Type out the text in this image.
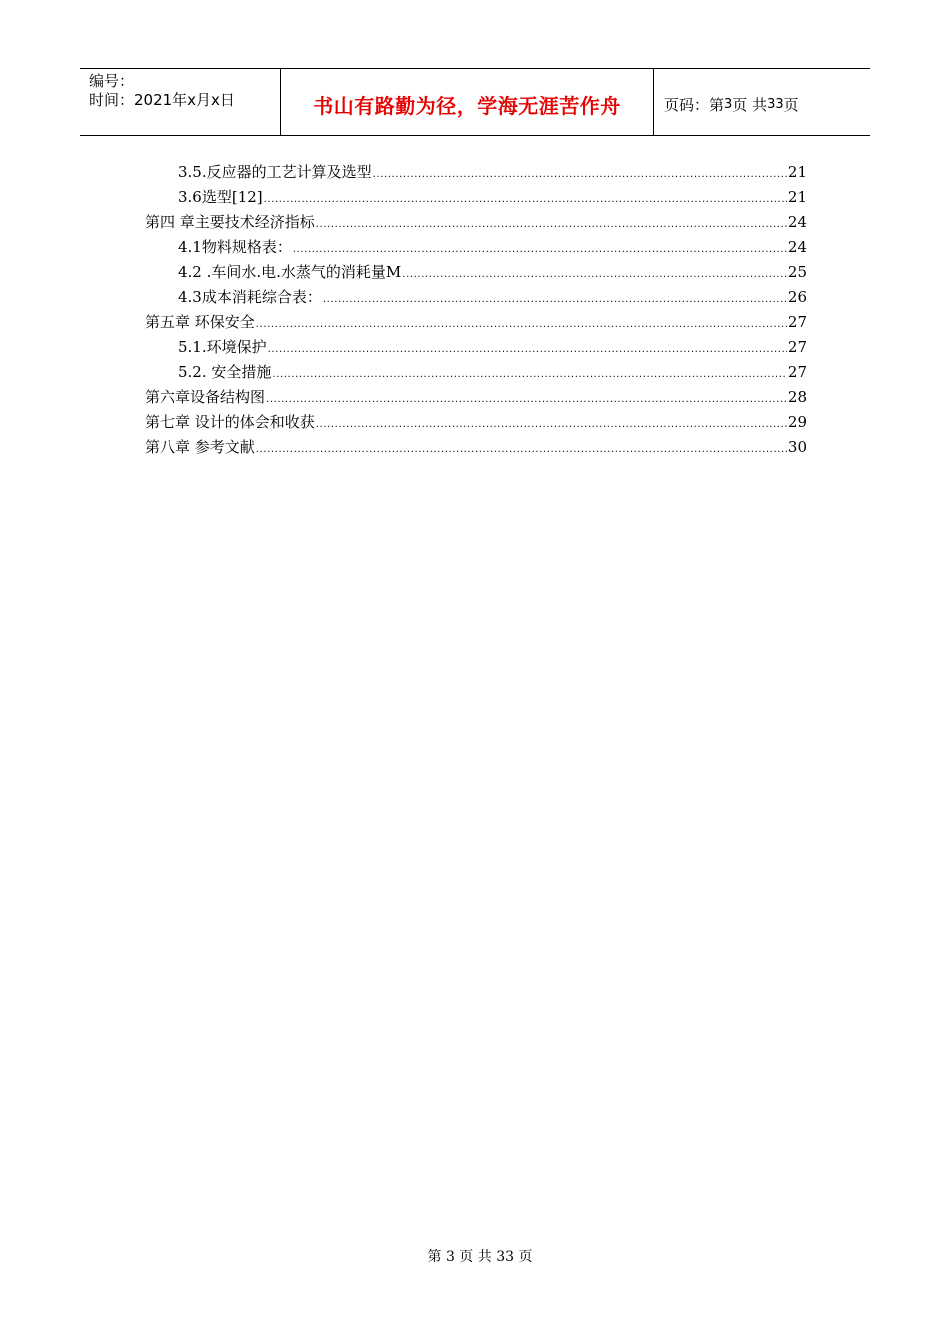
编号：
时间：2021年x月x日	书山有路勤为径，学海无涯苦作舟	页码：第 3 页 共 33 页
3.5.反应器的工艺计算及选型 .....	21
3.6选型[12] .....	21
第四 章主要技术经济指标 .....	24
4.1物料规格表： .....	24
4.2 .车间水.电.水蒸气的消耗量M .....	25
4.3成本消耗综合表： .....	26
第五章 环保安全 .....	27
5.1.环境保护 .....	27
5.2. 安全措施 .....	27
第六章设备结构图 .....	28
第七章 设计的体会和收获 .....	29
第八章 参考文献 .....	30
第 3 页 共 33 页
